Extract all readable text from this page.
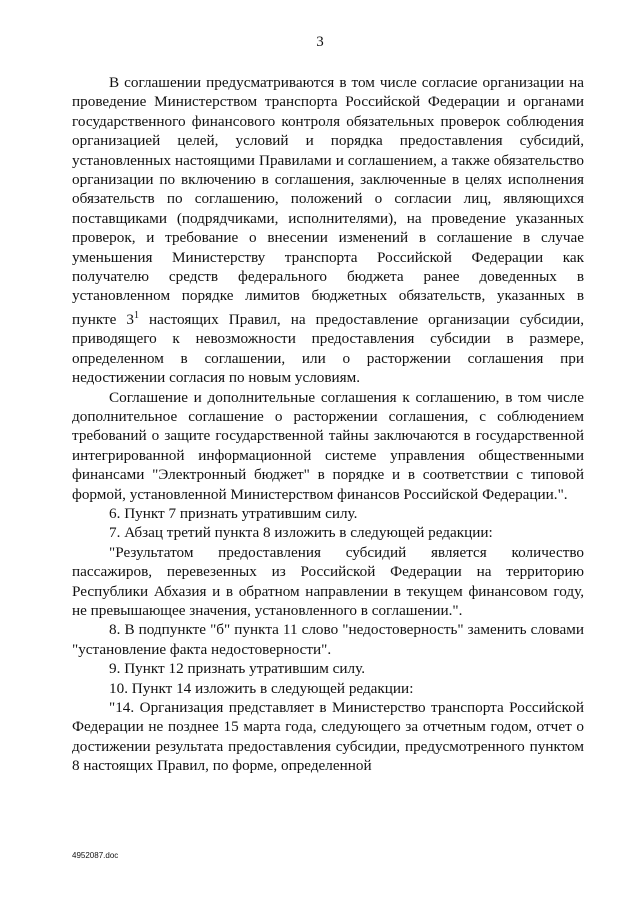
3

В соглашении предусматриваются в том числе согласие организации на проведение Министерством транспорта Российской Федерации и органами государственного финансового контроля обязательных проверок соблюдения организацией целей, условий и порядка предоставления субсидий, установленных настоящими Правилами и соглашением, а также обязательство организации по включению в соглашения, заключенные в целях исполнения обязательств по соглашению, положений о согласии лиц, являющихся поставщиками (подрядчиками, исполнителями), на проведение указанных проверок, и требование о внесении изменений в соглашение в случае уменьшения Министерству транспорта Российской Федерации как получателю средств федерального бюджета ранее доведенных в установленном порядке лимитов бюджетных обязательств, указанных в пункте $3^1$ настоящих Правил, на предоставление организации субсидии, приводящего к невозможности предоставления субсидии в размере, определенном в соглашении, или о расторжении соглашения при недостижении согласия по новым условиям.

Соглашение и дополнительные соглашения к соглашению, в том числе дополнительное соглашение о расторжении соглашения, с соблюдением требований о защите государственной тайны заключаются в государственной интегрированной информационной системе управления общественными финансами "Электронный бюджет" в порядке и в соответствии с типовой формой, установленной Министерством финансов Российской Федерации.".

6. Пункт 7 признать утратившим силу.

7. Абзац третий пункта 8 изложить в следующей редакции:

"Результатом предоставления субсидий является количество пассажиров, перевезенных из Российской Федерации на территорию Республики Абхазия и в обратном направлении в текущем финансовом году, не превышающее значения, установленного в соглашении.".

8. В подпункте "б" пункта 11 слово "недостоверность" заменить словами "установление факта недостоверности".

9. Пункт 12 признать утратившим силу.

10. Пункт 14 изложить в следующей редакции:

"14. Организация представляет в Министерство транспорта Российской Федерации не позднее 15 марта года, следующего за отчетным годом, отчет о достижении результата предоставления субсидии, предусмотренного пунктом 8 настоящих Правил, по форме, определенной

4952087.doc
